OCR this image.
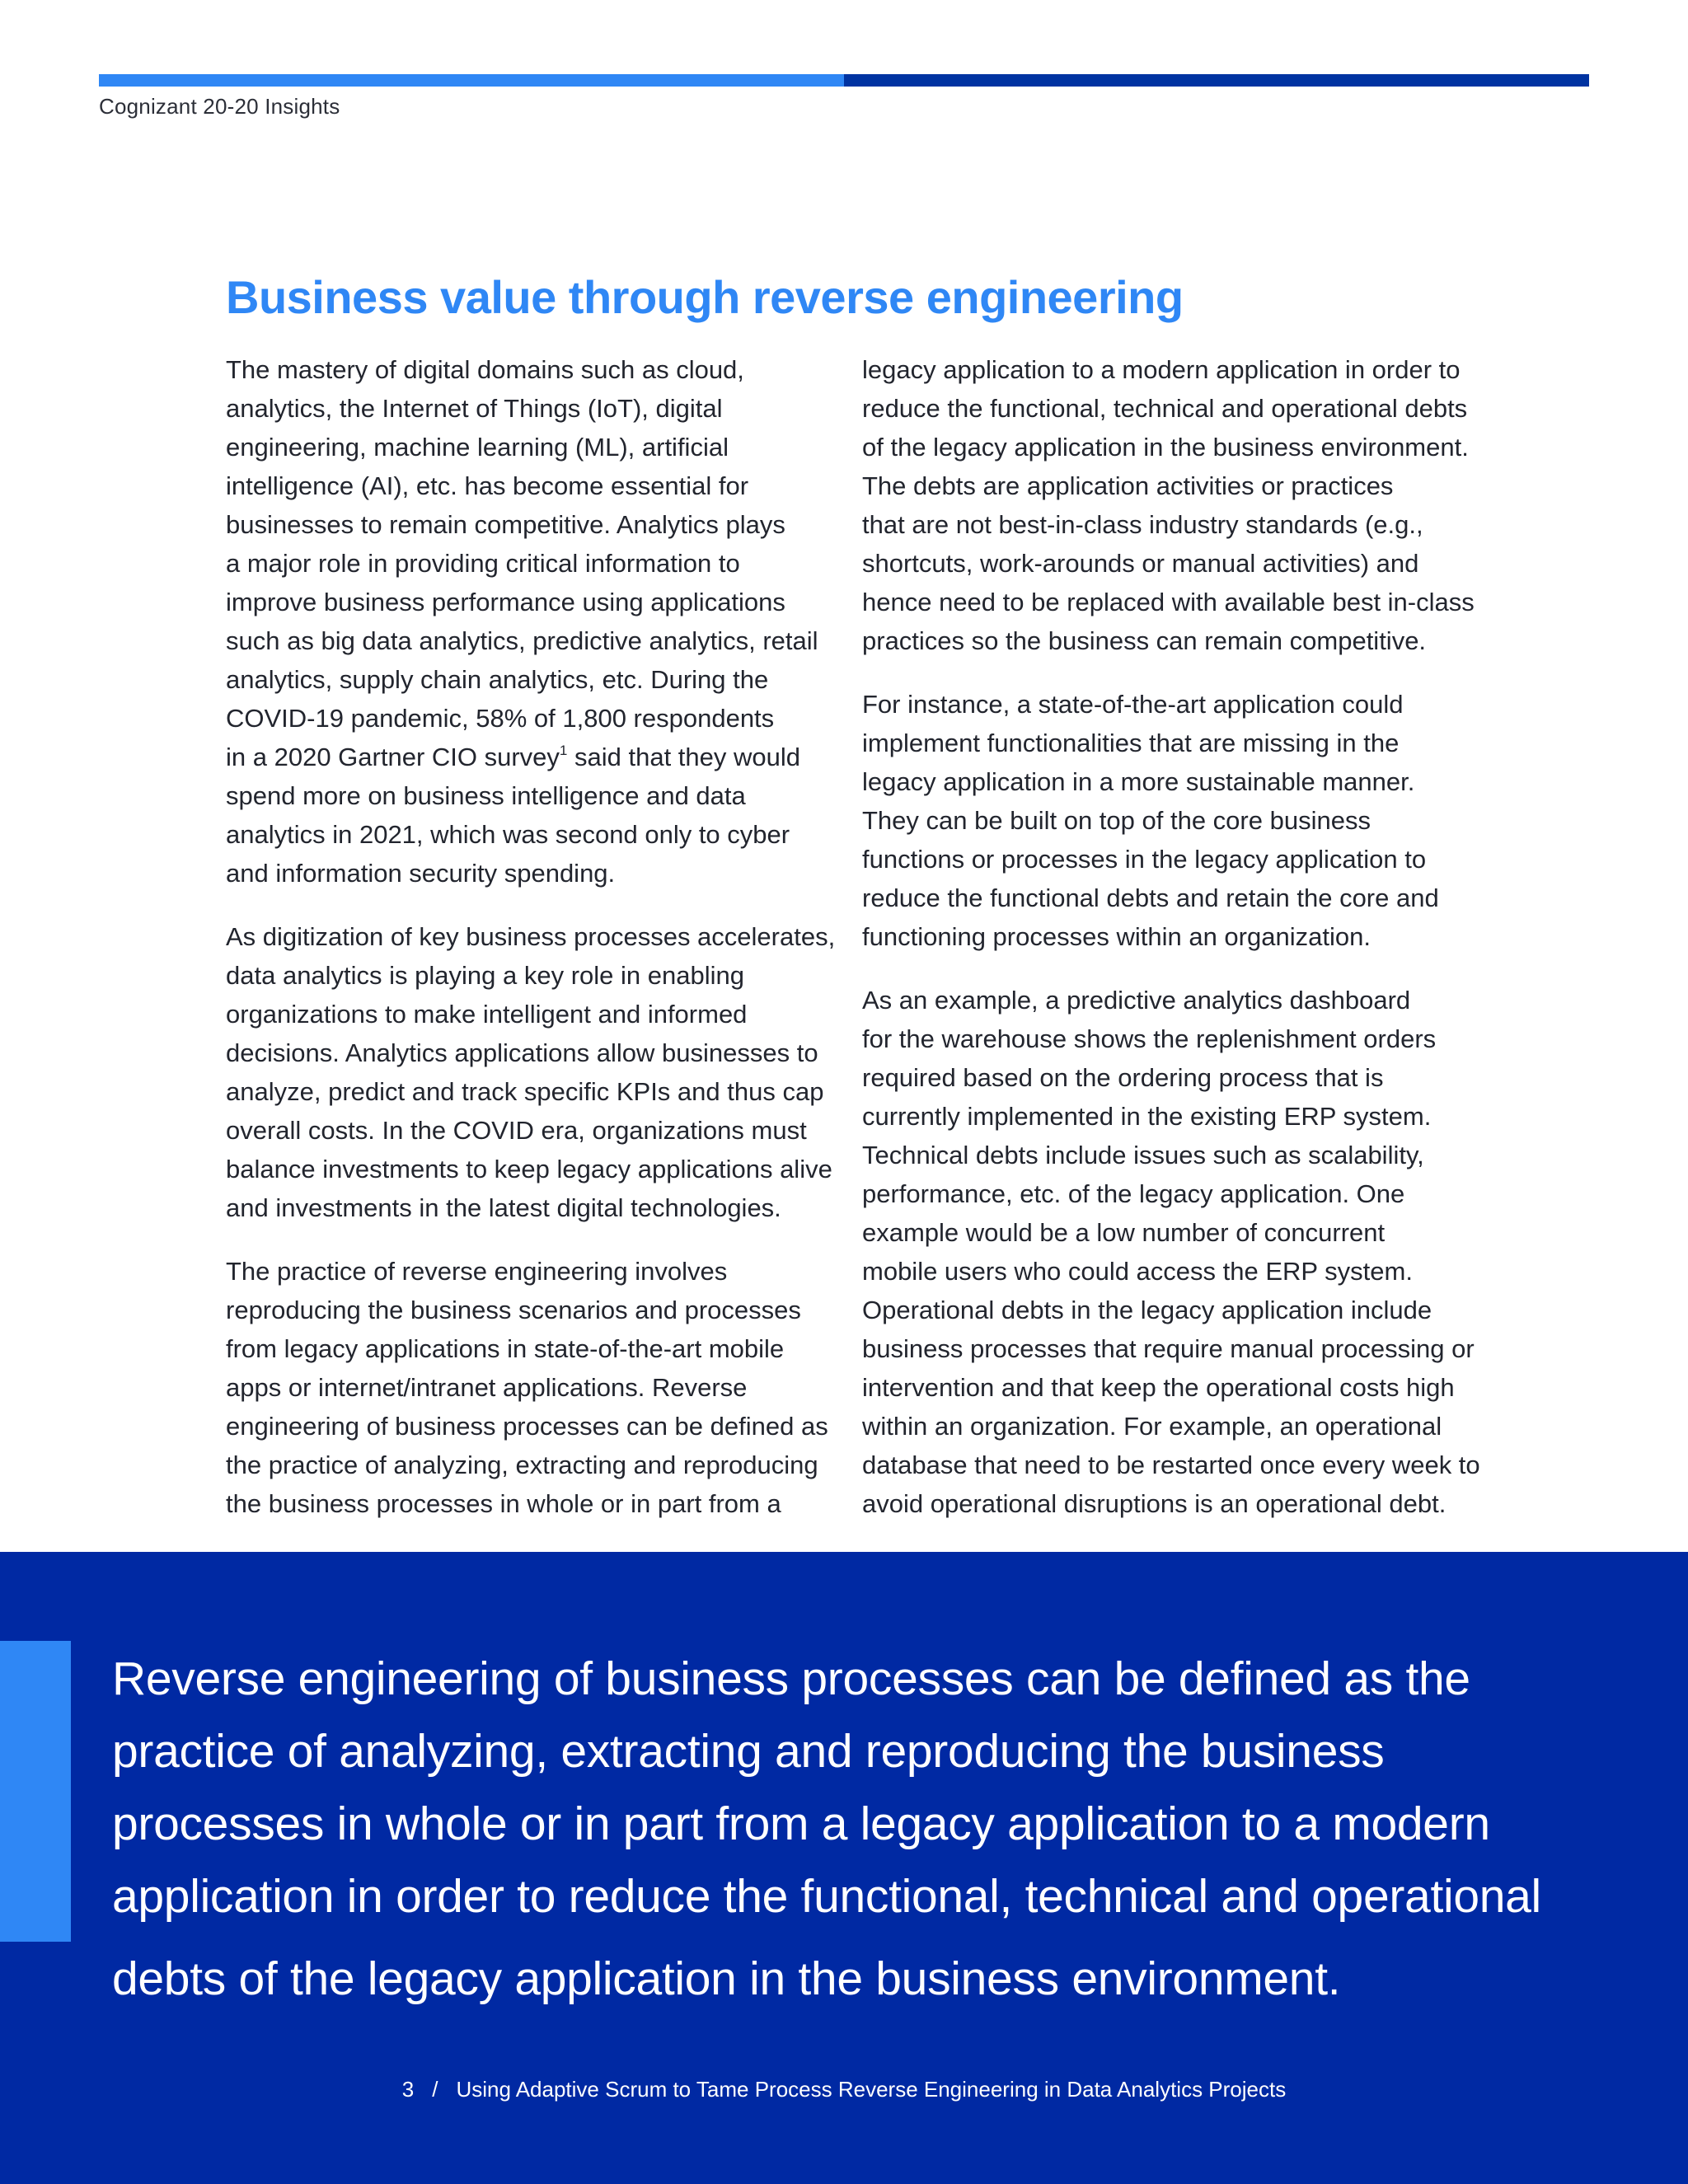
Cognizant 20-20 Insights
Business value through reverse engineering

The mastery of digital domains such as cloud,
analytics, the Internet of Things (IoT), digital
engineering, machine learning (ML), artificial
intelligence (AI), etc. has become essential for
businesses to remain competitive. Analytics plays
a major role in providing critical information to
improve business performance using applications
such as big data analytics, predictive analytics, retail
analytics, supply chain analytics, etc. During the
COVID-19 pandemic, 58% of 1,800 respondents
in a 2020 Gartner CIO survey$^1$ said that they would
spend more on business intelligence and data
analytics in 2021, which was second only to cyber
and information security spending.

As digitization of key business processes accelerates,
data analytics is playing a key role in enabling
organizations to make intelligent and informed
decisions. Analytics applications allow businesses to
analyze, predict and track specific KPIs and thus cap
overall costs. In the COVID era, organizations must
balance investments to keep legacy applications alive
and investments in the latest digital technologies.

The practice of reverse engineering involves
reproducing the business scenarios and processes
from legacy applications in state-of-the-art mobile
apps or internet/intranet applications. Reverse
engineering of business processes can be defined as
the practice of analyzing, extracting and reproducing
the business processes in whole or in part from a

legacy application to a modern application in order to
reduce the functional, technical and operational debts
of the legacy application in the business environment.
The debts are application activities or practices
that are not best-in-class industry standards (e.g.,
shortcuts, work-arounds or manual activities) and
hence need to be replaced with available best in-class
practices so the business can remain competitive.

For instance, a state-of-the-art application could
implement functionalities that are missing in the
legacy application in a more sustainable manner.
They can be built on top of the core business
functions or processes in the legacy application to
reduce the functional debts and retain the core and
functioning processes within an organization.

As an example, a predictive analytics dashboard
for the warehouse shows the replenishment orders
required based on the ordering process that is
currently implemented in the existing ERP system.
Technical debts include issues such as scalability,
performance, etc. of the legacy application. One
example would be a low number of concurrent
mobile users who could access the ERP system.
Operational debts in the legacy application include
business processes that require manual processing or
intervention and that keep the operational costs high
within an organization. For example, an operational
database that need to be restarted once every week to
avoid operational disruptions is an operational debt.

Reverse engineering of business processes can be defined as the
practice of analyzing, extracting and reproducing the business
processes in whole or in part from a legacy application to a modern
application in order to reduce the functional, technical and operational
debts of the legacy application in the business environment.
3 / Using Adaptive Scrum to Tame Process Reverse Engineering in Data Analytics Projects
